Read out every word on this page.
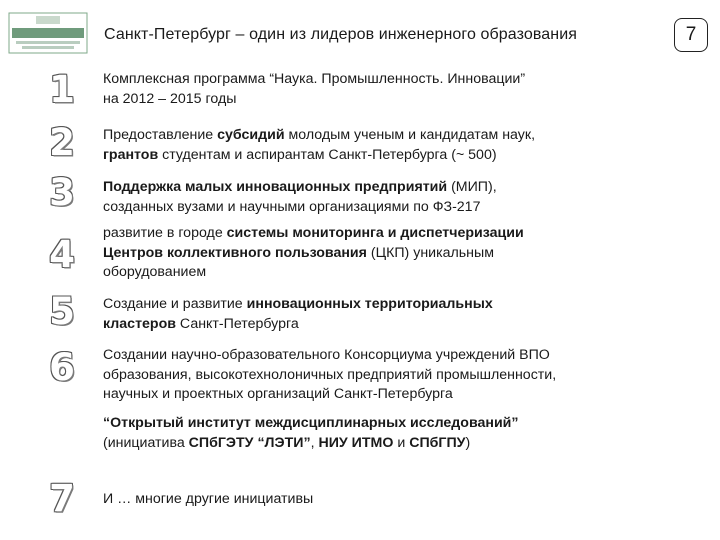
Санкт-Петербург – один из лидеров инженерного образования	7
1
2
3
4
5
6
7
Комплексная программа “Наука. Промышленность. Инновации”
на 2012 – 2015 годы
Предоставление субсидий молодым ученым и кандидатам наук,
грантов студентам и аспирантам Санкт-Петербурга (~ 500)
Поддержка малых инновационных предприятий (МИП),
созданных вузами и научными организациями по ФЗ-217
развитие в городе системы мониторинга и диспетчеризации
Центров коллективного пользования (ЦКП) уникальным
оборудованием
Создание и развитие инновационных территориальных
кластеров Санкт-Петербурга
Создании научно-образовательного Консорциума учреждений ВПО
образования, высокотехнолоничных предприятий промышленности,
научных и проектных организаций Санкт-Петербурга
“Открытый институт междисциплинарных исследований”
(инициатива СПбГЭТУ “ЛЭТИ”, НИУ ИТМО и СПбГПУ)
И … многие другие инициативы
